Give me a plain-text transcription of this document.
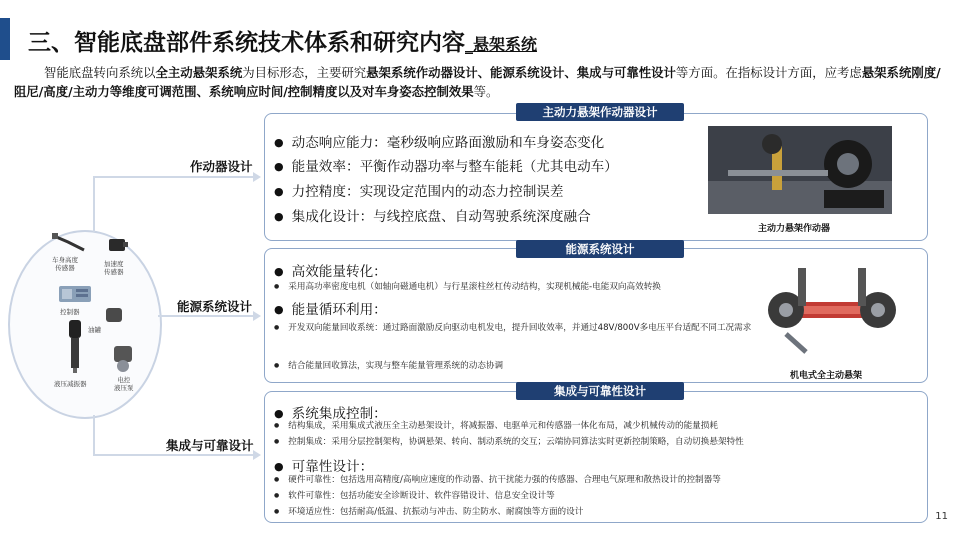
三、智能底盘部件系统技术体系和研究内容_悬架系统
智能底盘转向系统以全主动悬架系统为目标形态，主要研究悬架系统作动器设计、能源系统设计、集成与可靠性设计等方面。在指标设计方面，应考虑悬架系统刚度/阻尼/高度/主动力等维度可调范围、系统响应时间/控制精度以及对车身姿态控制效果等。
车身高度
传感器	加速度
传感器
控制器
油罐
液压减振器	电控
液压泵
作动器设计
能源系统设计
集成与可靠设计
主动力悬架作动器设计
● 动态响应能力：毫秒级响应路面激励和车身姿态变化
● 能量效率：平衡作动器功率与整车能耗（尤其电动车）
● 力控精度：实现设定范围内的动态力控制误差
● 集成化设计：与线控底盘、自动驾驶系统深度融合
主动力悬架作动器
能源系统设计
● 高效能量转化：
● 采用高功率密度电机（如轴向磁通电机）与行星滚柱丝杠传动结构，实现机械能-电能双向高效转换
● 能量循环利用：
● 开发双向能量回收系统：通过路面激励反向驱动电机发电，提升回收效率，并通过48V/800V多电压平台适配不同工况需求
● 结合能量回收算法，实现与整车能量管理系统的动态协调
机电式全主动悬架
集成与可靠性设计
● 系统集成控制：
● 结构集成，采用集成式液压全主动悬架设计，将减振器、电驱单元和传感器一体化布局，减少机械传动的能量损耗
● 控制集成：采用分层控制架构，协调悬架、转向、制动系统的交互；云端协同算法实时更新控制策略，自动切换悬架特性
● 可靠性设计：
● 硬件可靠性：包括选用高精度/高响应速度的作动器、抗干扰能力强的传感器、合理电气原理和散热设计的控制器等
● 软件可靠性：包括功能安全诊断设计、软件容错设计、信息安全设计等
● 环境适应性：包括耐高/低温、抗振动与冲击、防尘防水、耐腐蚀等方面的设计	11
